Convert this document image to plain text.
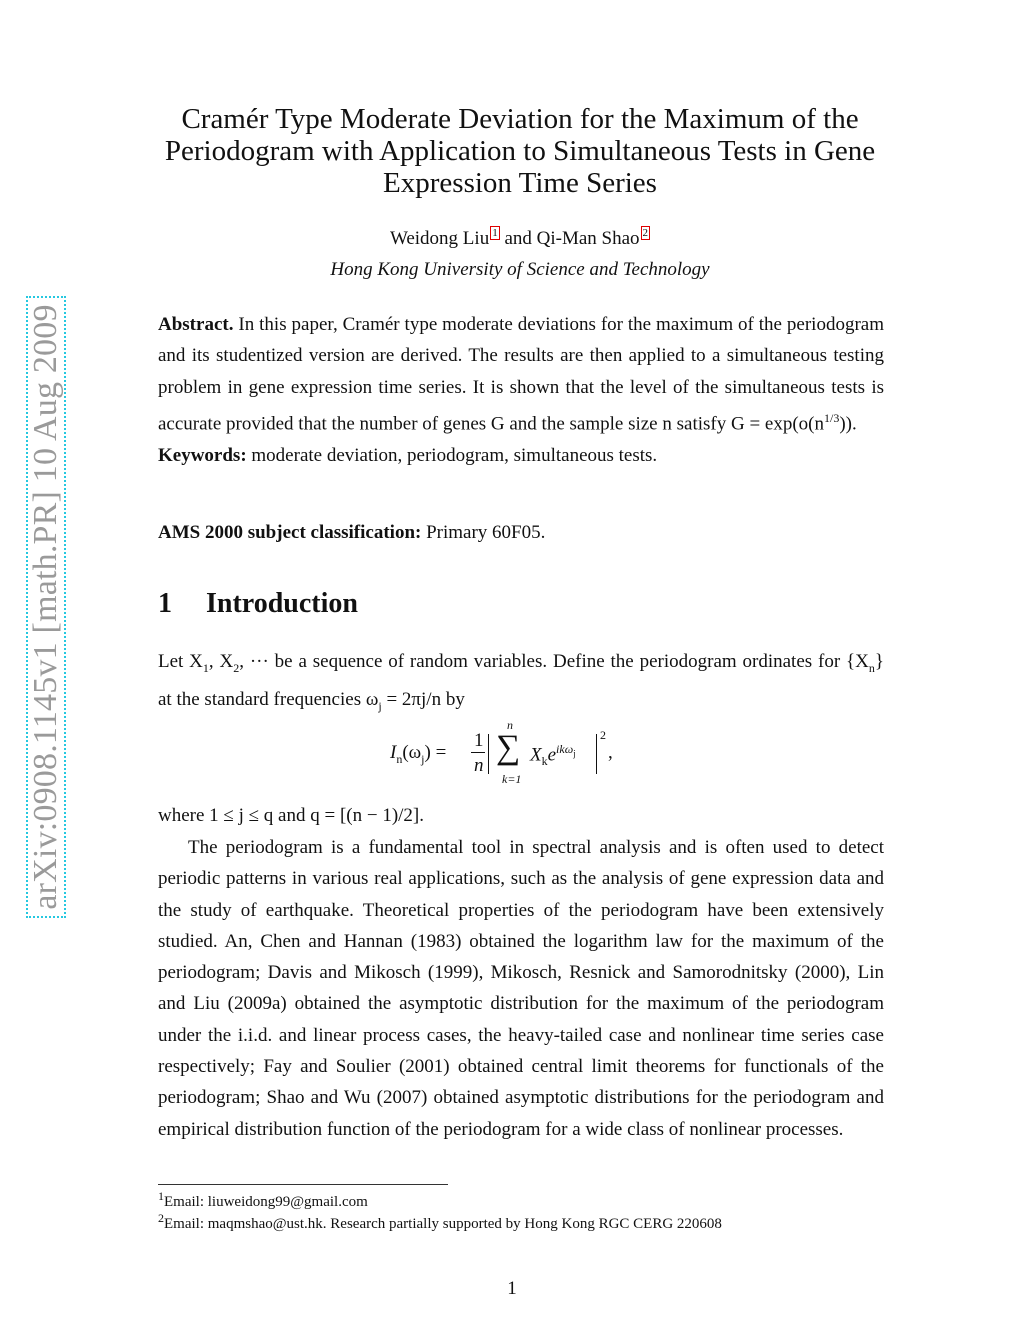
arXiv:0908.1145v1 [math.PR] 10 Aug 2009
Cramér Type Moderate Deviation for the Maximum of the Periodogram with Application to Simultaneous Tests in Gene Expression Time Series
Weidong Liu 1 and Qi-Man Shao 2
Hong Kong University of Science and Technology

Abstract. In this paper, Cramér type moderate deviations for the maximum of the periodogram and its studentized version are derived. The results are then applied to a simultaneous testing problem in gene expression time series. It is shown that the level of the simultaneous tests is accurate provided that the number of genes G and the sample size n satisfy $G = \exp(o(n^{1/3}))$.
Keywords: moderate deviation, periodogram, simultaneous tests.

AMS 2000 subject classification: Primary 60F05.

1 Introduction

Let $X_1$, $X_2$, ··· be a sequence of random variables. Define the periodogram ordinates for $\{X_n\}$ at the standard frequencies $\omega_j = 2\pi j/n$ by

$I_n(\omega_j)$ =
1
n
n
∑
k=1
$X_ke^{ik\omega_j}$
2
,

where 1 ≤ j ≤ q and q = [(n − 1)/2].

The periodogram is a fundamental tool in spectral analysis and is often used to detect periodic patterns in various real applications, such as the analysis of gene expression data and the study of earthquake. Theoretical properties of the periodogram have been extensively studied. An, Chen and Hannan (1983) obtained the logarithm law for the maximum of the periodogram; Davis and Mikosch (1999), Mikosch, Resnick and Samorodnitsky (2000), Lin and Liu (2009a) obtained the asymptotic distribution for the maximum of the periodogram under the i.i.d. and linear process cases, the heavy-tailed case and nonlinear time series case respectively; Fay and Soulier (2001) obtained central limit theorems for functionals of the periodogram; Shao and Wu (2007) obtained asymptotic distributions for the periodogram and empirical distribution function of the periodogram for a wide class of nonlinear processes.

$^1$Email: liuweidong99@gmail.com
$^2$Email: maqmshao@ust.hk. Research partially supported by Hong Kong RGC CERG 220608
1
